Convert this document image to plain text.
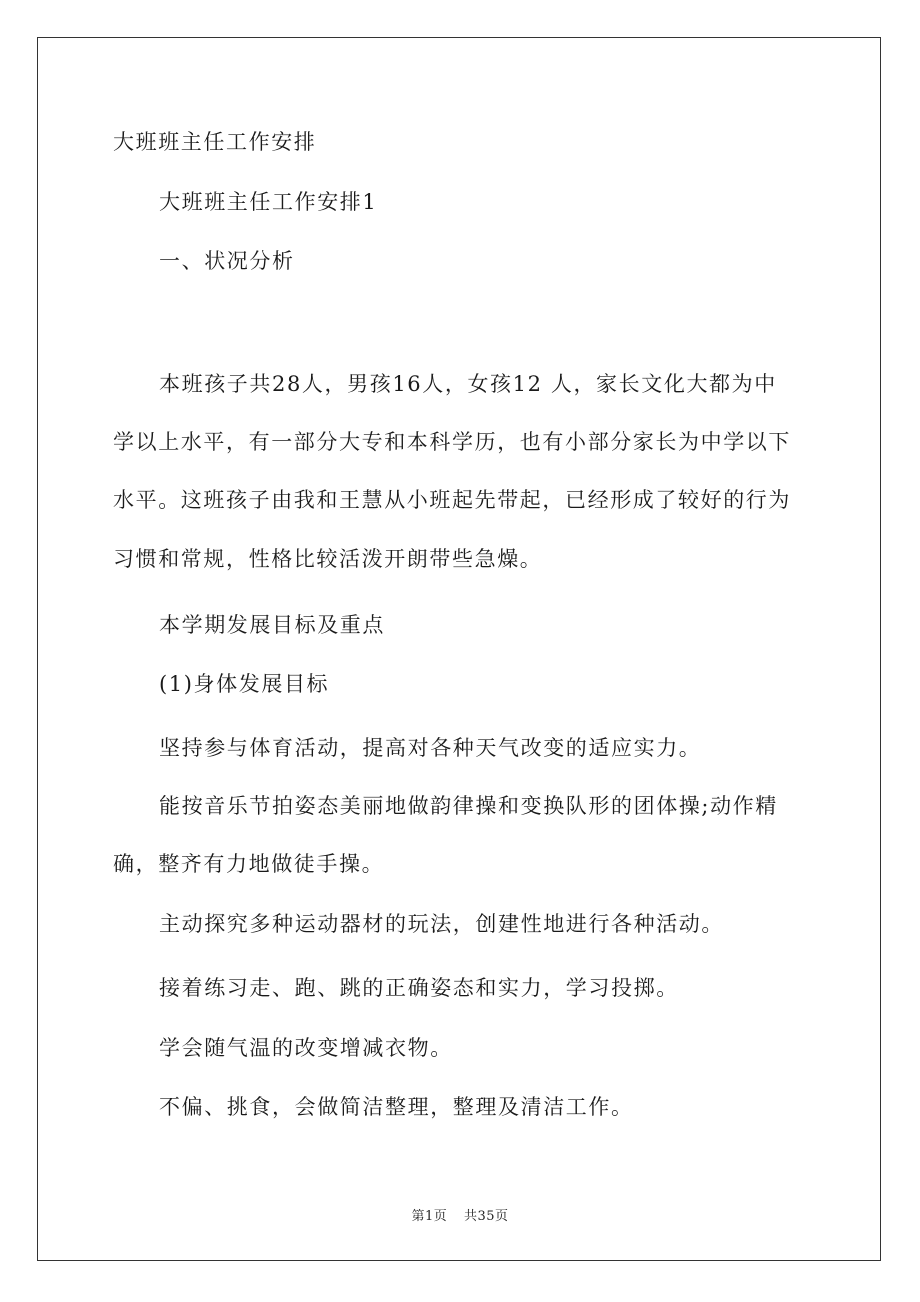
大班班主任工作安排
大班班主任工作安排1
一、状况分析
本班孩子共28人，男孩16人，女孩12 人，家长文化大都为中
学以上水平，有一部分大专和本科学历，也有小部分家长为中学以下
水平。这班孩子由我和王慧从小班起先带起，已经形成了较好的行为
习惯和常规，性格比较活泼开朗带些急燥。
本学期发展目标及重点
(1)身体发展目标
坚持参与体育活动，提高对各种天气改变的适应实力。
能按音乐节拍姿态美丽地做韵律操和变换队形的团体操;动作精
确，整齐有力地做徒手操。
主动探究多种运动器材的玩法，创建性地进行各种活动。
接着练习走、跑、跳的正确姿态和实力，学习投掷。
学会随气温的改变增减衣物。
不偏、挑食，会做简洁整理，整理及清洁工作。
第1页 共35页
